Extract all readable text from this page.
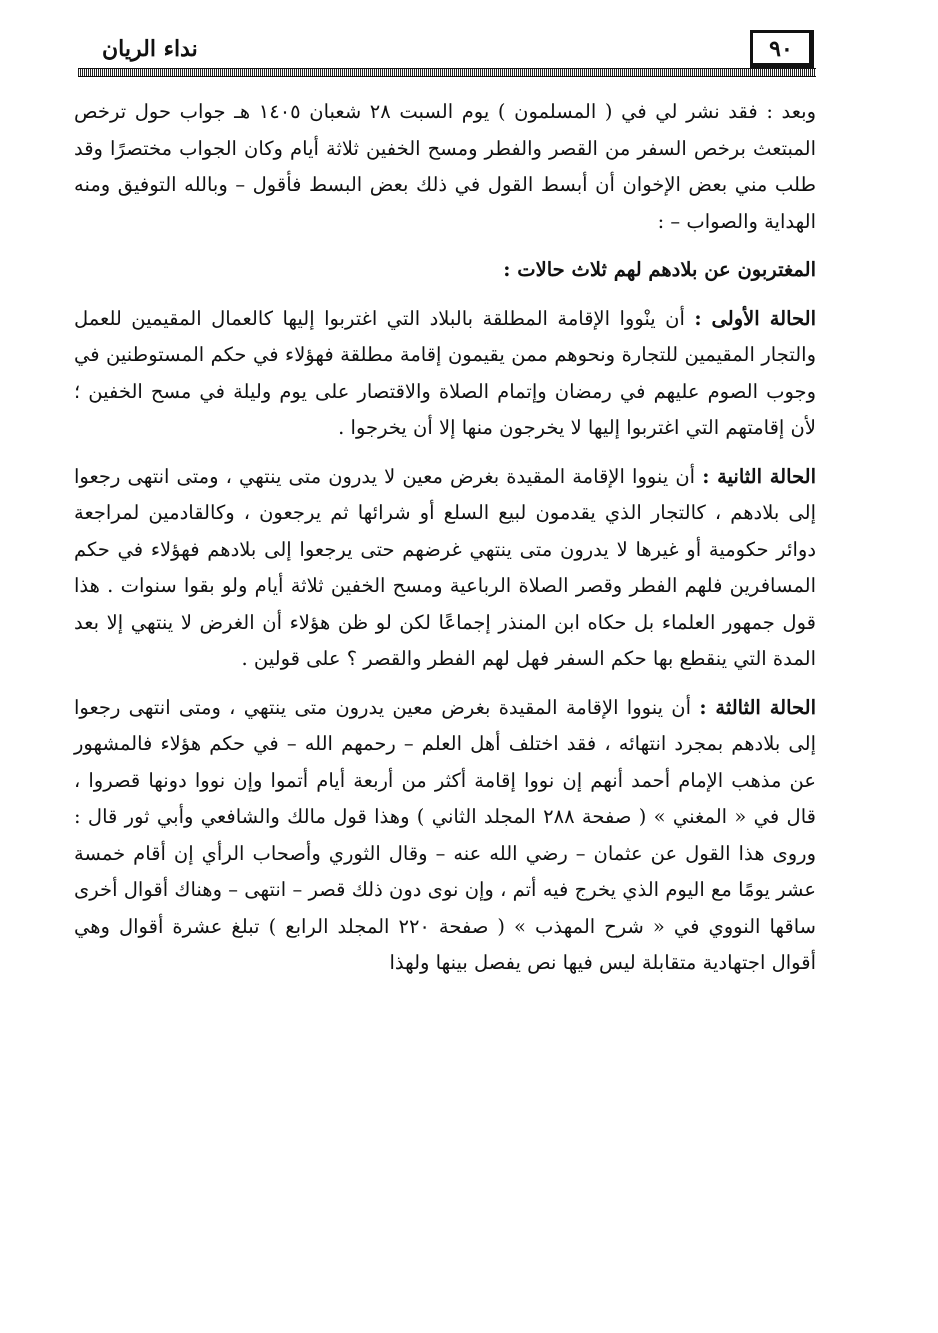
٩٠
نداء الريان

وبعد : فقد نشر لي في ( المسلمون ) يوم السبت ٢٨ شعبان ١٤٠٥ هـ جواب حول ترخص المبتعث برخص السفر من القصر والفطر ومسح الخفين ثلاثة أيام وكان الجواب مختصرًا وقد طلب مني بعض الإخوان أن أبسط القول في ذلك بعض البسط فأقول – وبالله التوفيق ومنه الهداية والصواب – :

المغتربون عن بلادهم لهم ثلاث حالات :

الحالة الأولى : أن ينْووا الإقامة المطلقة بالبلاد التي اغتربوا إليها كالعمال المقيمين للعمل والتجار المقيمين للتجارة ونحوهم ممن يقيمون إقامة مطلقة فهؤلاء في حكم المستوطنين في وجوب الصوم عليهم في رمضان وإتمام الصلاة والاقتصار على يوم وليلة في مسح الخفين ؛ لأن إقامتهم التي اغتربوا إليها لا يخرجون منها إلا أن يخرجوا .

الحالة الثانية : أن ينووا الإقامة المقيدة بغرض معين لا يدرون متى ينتهي ، ومتى انتهى رجعوا إلى بلادهم ، كالتجار الذي يقدمون لبيع السلع أو شرائها ثم يرجعون ، وكالقادمين لمراجعة دوائر حكومية أو غيرها لا يدرون متى ينتهي غرضهم حتى يرجعوا إلى بلادهم فهؤلاء في حكم المسافرين فلهم الفطر وقصر الصلاة الرباعية ومسح الخفين ثلاثة أيام ولو بقوا سنوات . هذا قول جمهور العلماء بل حكاه ابن المنذر إجماعًا لكن لو ظن هؤلاء أن الغرض لا ينتهي إلا بعد المدة التي ينقطع بها حكم السفر فهل لهم الفطر والقصر ؟ على قولين .

الحالة الثالثة : أن ينووا الإقامة المقيدة بغرض معين يدرون متى ينتهي ، ومتى انتهى رجعوا إلى بلادهم بمجرد انتهائه ، فقد اختلف أهل العلم – رحمهم الله – في حكم هؤلاء فالمشهور عن مذهب الإمام أحمد أنهم إن نووا إقامة أكثر من أربعة أيام أتموا وإن نووا دونها قصروا ، قال في « المغني » ( صفحة ٢٨٨ المجلد الثاني ) وهذا قول مالك والشافعي وأبي ثور قال : وروى هذا القول عن عثمان – رضي الله عنه – وقال الثوري وأصحاب الرأي إن أقام خمسة عشر يومًا مع اليوم الذي يخرج فيه أتم ، وإن نوى دون ذلك قصر – انتهى – وهناك أقوال أخرى ساقها النووي في « شرح المهذب » ( صفحة ٢٢٠ المجلد الرابع ) تبلغ عشرة أقوال وهي أقوال اجتهادية متقابلة ليس فيها نص يفصل بينها ولهذا
